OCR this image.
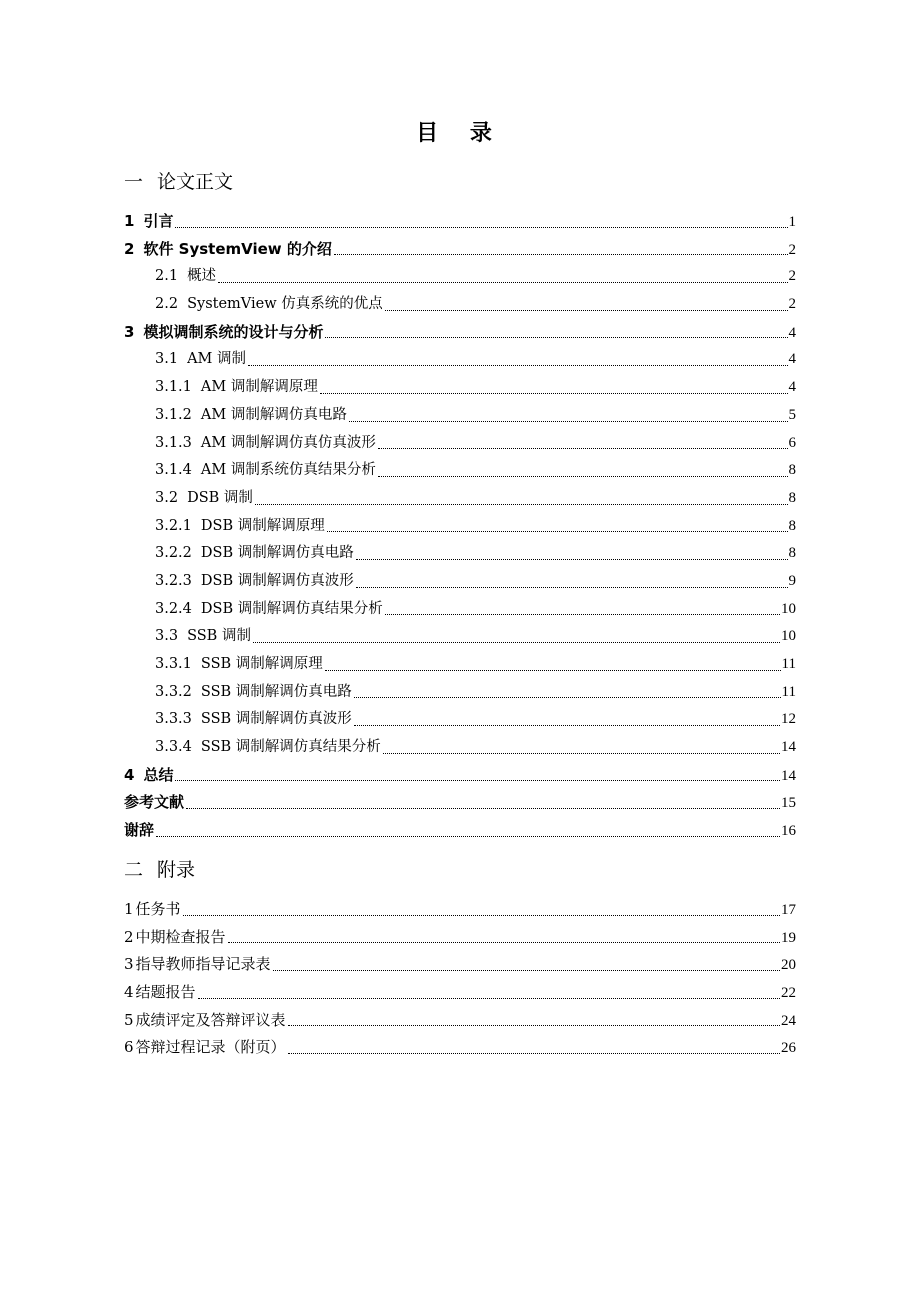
目 录
一 论文正文
1 引言	1
2 软件 SystemView 的介绍	2
2.1 概述	2
2.2 SystemView 仿真系统的优点	2
3 模拟调制系统的设计与分析	4
3.1 AM 调制	4
3.1.1 AM 调制解调原理	4
3.1.2 AM 调制解调仿真电路	5
3.1.3 AM 调制解调仿真仿真波形	6
3.1.4 AM 调制系统仿真结果分析	8
3.2 DSB 调制	8
3.2.1 DSB 调制解调原理	8
3.2.2 DSB 调制解调仿真电路	8
3.2.3 DSB 调制解调仿真波形	9
3.2.4 DSB 调制解调仿真结果分析	10
3.3 SSB 调制	10
3.3.1 SSB 调制解调原理	11
3.3.2 SSB 调制解调仿真电路	11
3.3.3 SSB 调制解调仿真波形	12
3.3.4 SSB 调制解调仿真结果分析	14
4 总结	14
参考文献	15
谢辞	16
二 附录
1 任务书	17
2 中期检查报告	19
3 指导教师指导记录表	20
4 结题报告	22
5 成绩评定及答辩评议表	24
6 答辩过程记录（附页）	26
